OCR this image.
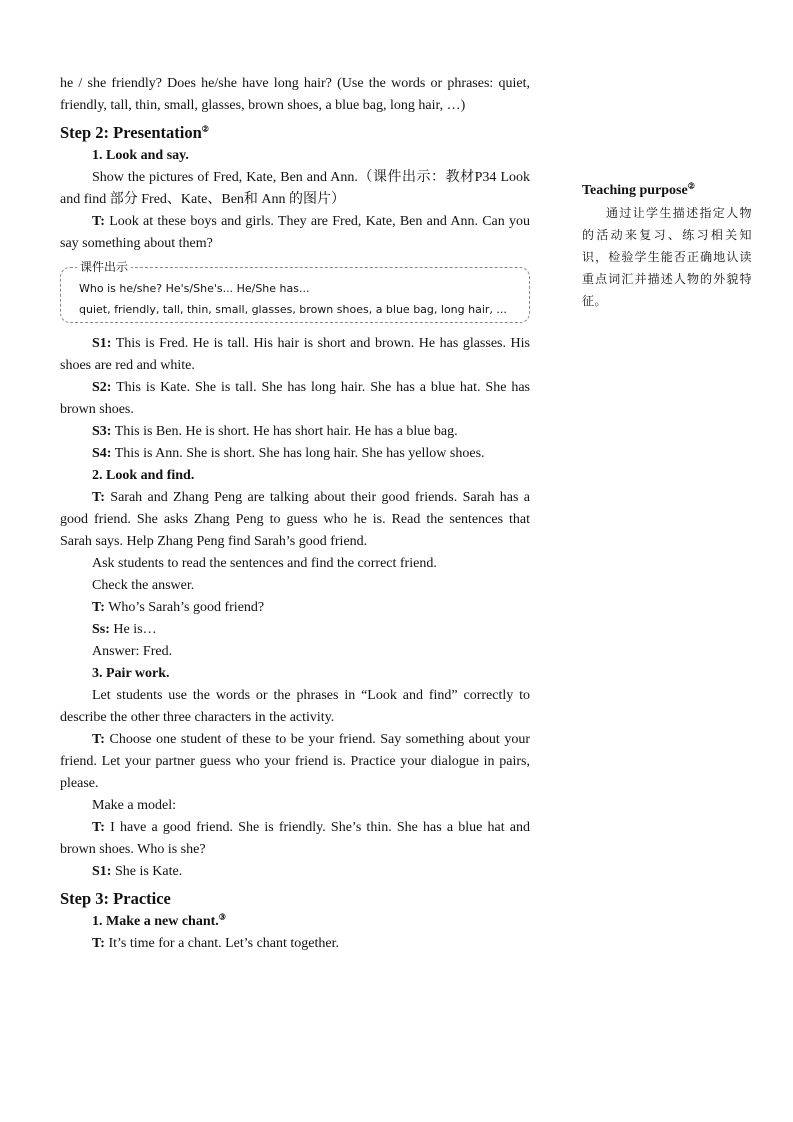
he / she friendly? Does he/she have long hair? (Use the words or phrases: quiet, friendly, tall, thin, small, glasses, brown shoes, a blue bag, long hair, …)

Step 2: Presentation②

1. Look and say.

Show the pictures of Fred, Kate, Ben and Ann.（课件出示：教材P34 Look and find 部分 Fred、Kate、Ben和 Ann 的图片）

T: Look at these boys and girls. They are Fred, Kate, Ben and Ann. Can you say something about them?

课件出示
Who is he/she? He's/She's... He/She has...
quiet, friendly, tall, thin, small, glasses, brown shoes, a blue bag, long hair, ...

S1: This is Fred. He is tall. His hair is short and brown. He has glasses. His shoes are red and white.

S2: This is Kate. She is tall. She has long hair. She has a blue hat. She has brown shoes.

S3: This is Ben. He is short. He has short hair. He has a blue bag.

S4: This is Ann. She is short. She has long hair. She has yellow shoes.

2. Look and find.

T: Sarah and Zhang Peng are talking about their good friends. Sarah has a good friend. She asks Zhang Peng to guess who he is. Read the sentences that Sarah says. Help Zhang Peng find Sarah’s good friend.

Ask students to read the sentences and find the correct friend.

Check the answer.

T: Who’s Sarah’s good friend?

Ss: He is…

Answer: Fred.

3. Pair work.

Let students use the words or the phrases in “Look and find” correctly to describe the other three characters in the activity.

T: Choose one student of these to be your friend. Say something about your friend. Let your partner guess who your friend is. Practice your dialogue in pairs, please.

Make a model:

T: I have a good friend. She is friendly. She’s thin. She has a blue hat and brown shoes. Who is she?

S1: She is Kate.

Step 3: Practice

1. Make a new chant.③

T: It’s time for a chant. Let’s chant together.

Teaching purpose②
通过让学生描述指定人物的活动来复习、练习相关知识，检验学生能否正确地认读重点词汇并描述人物的外貌特征。
